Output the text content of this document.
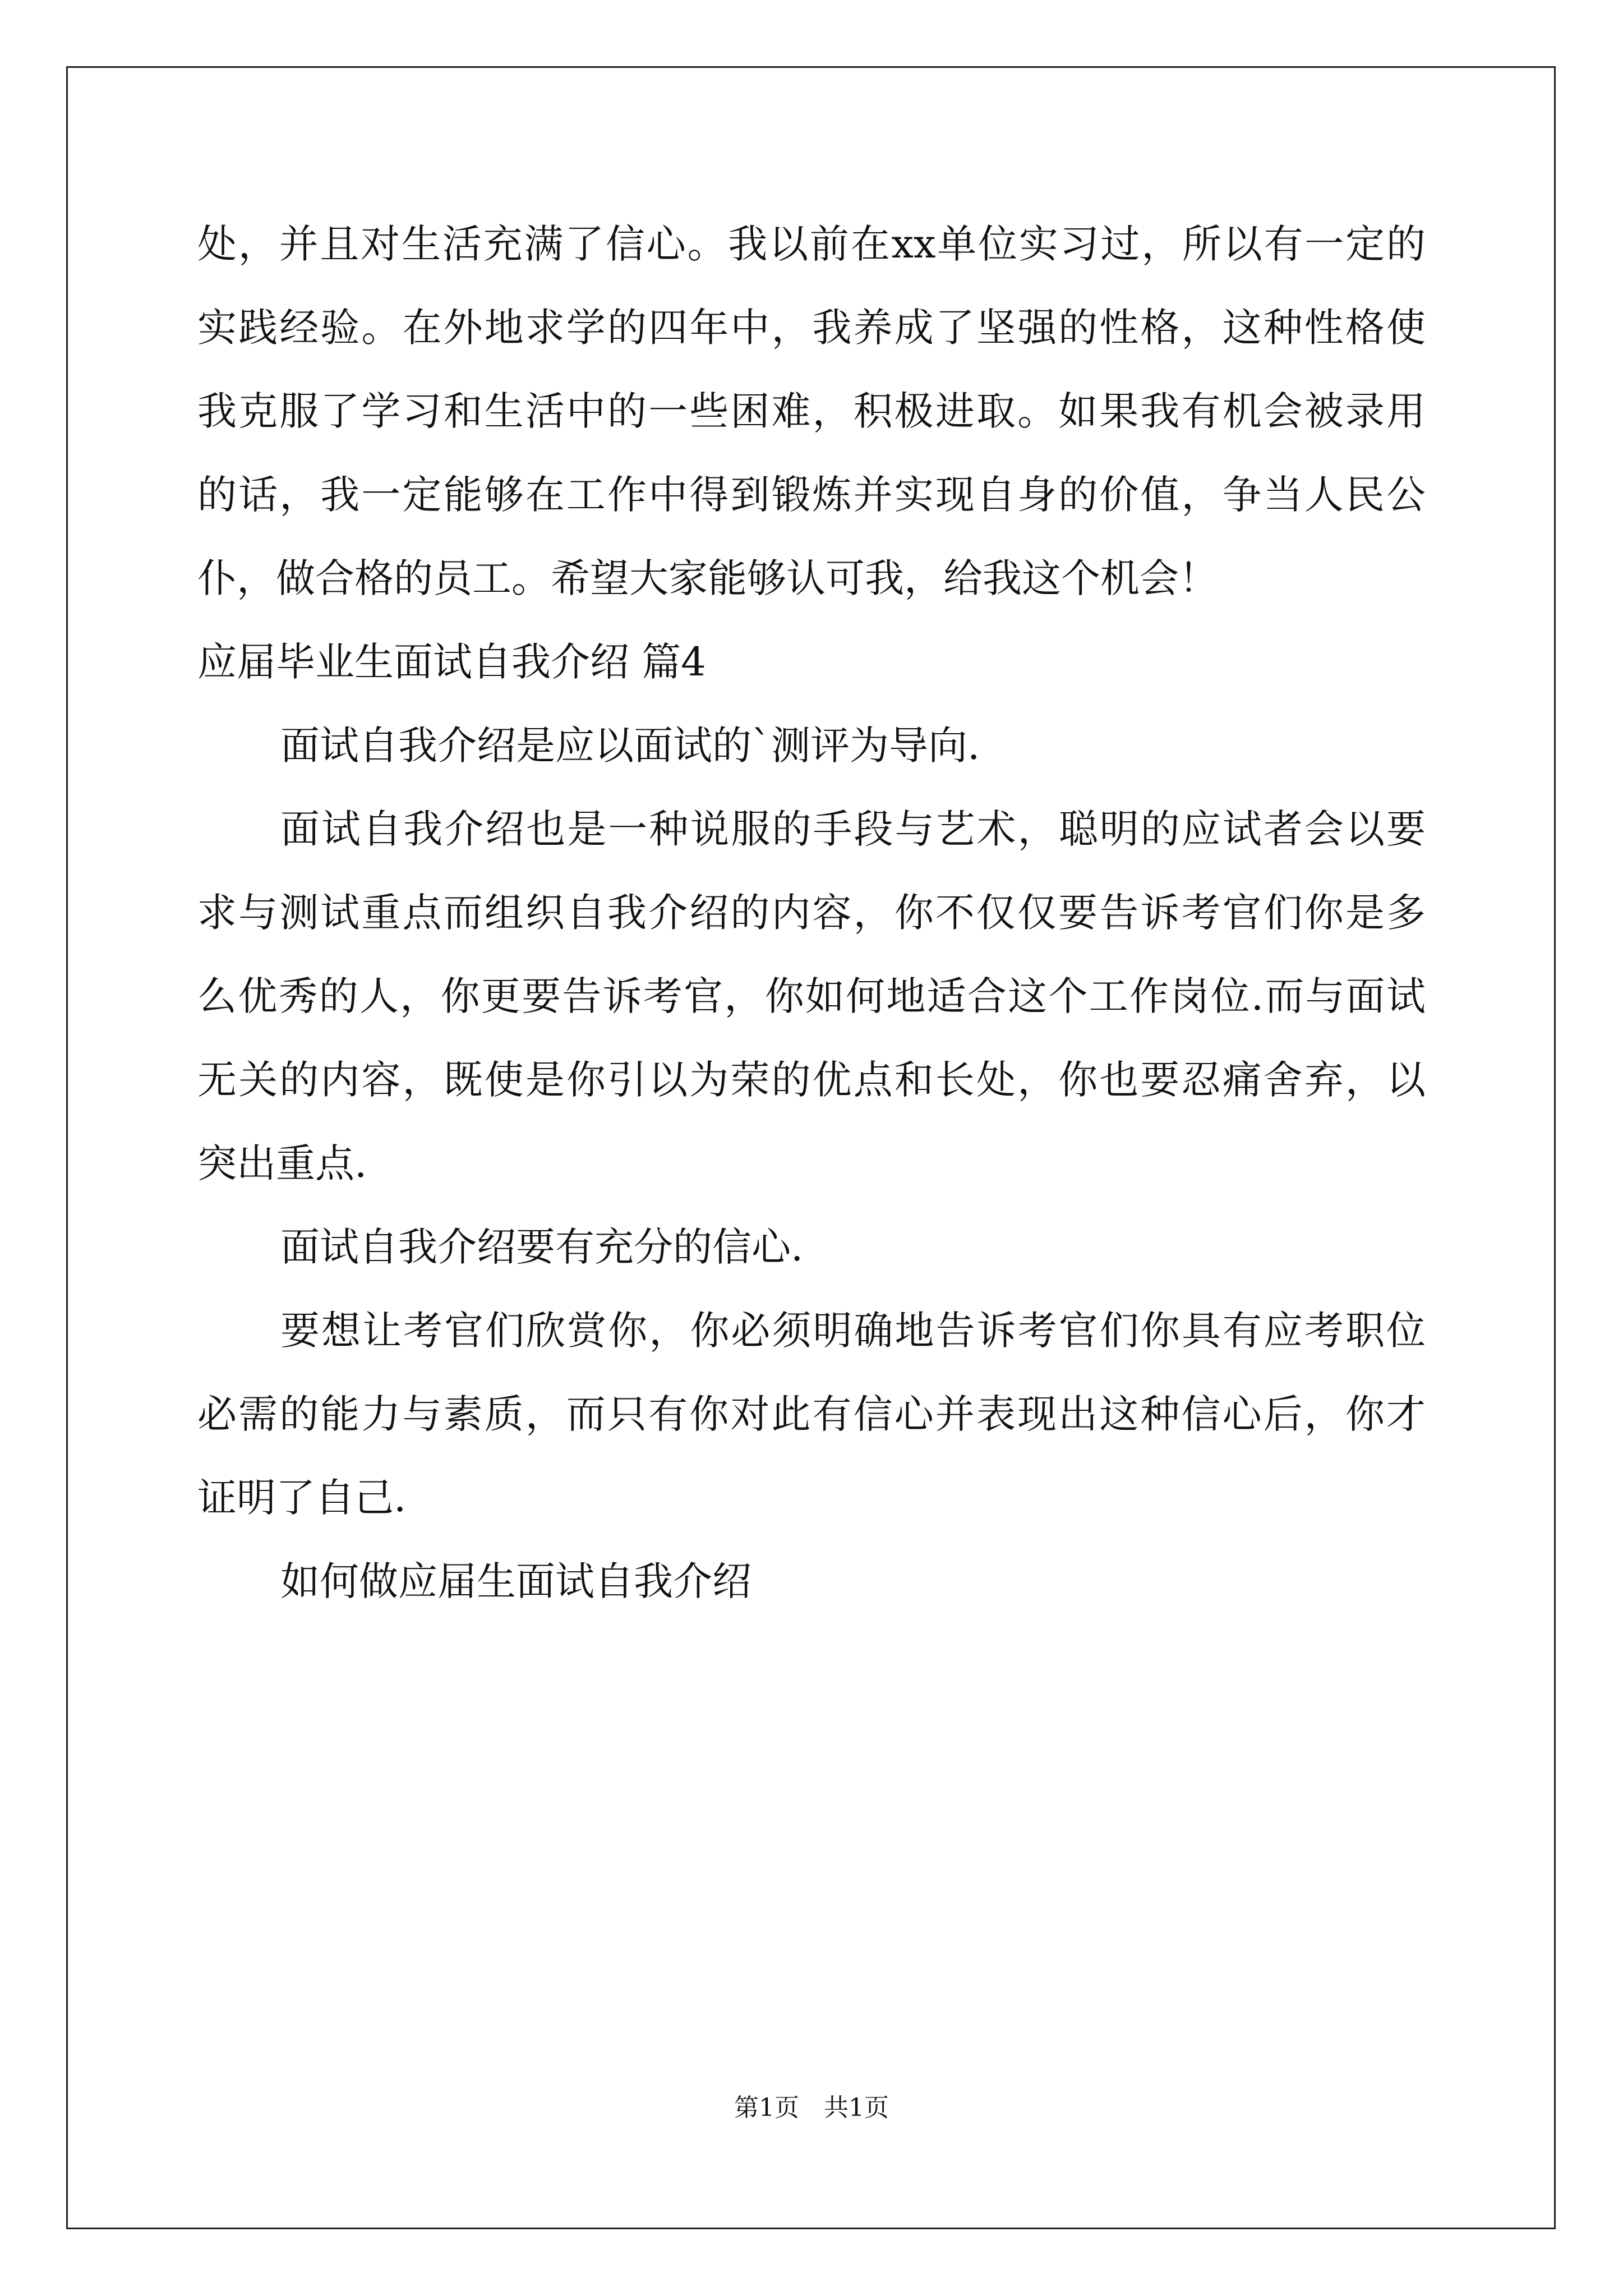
处，并且对生活充满了信心。我以前在xx单位实习过，所以有一定的
实践经验。在外地求学的四年中，我养成了坚强的性格，这种性格使
我克服了学习和生活中的一些困难，积极进取。如果我有机会被录用
的话，我一定能够在工作中得到锻炼并实现自身的价值，争当人民公
仆，做合格的员工。希望大家能够认可我，给我这个机会！
应届毕业生面试自我介绍 篇4
面试自我介绍是应以面试的`测评为导向.
面试自我介绍也是一种说服的手段与艺术，聪明的应试者会以要
求与测试重点而组织自我介绍的内容，你不仅仅要告诉考官们你是多
么优秀的人，你更要告诉考官，你如何地适合这个工作岗位.而与面试
无关的内容，既使是你引以为荣的优点和长处，你也要忍痛舍弃，以
突出重点.
面试自我介绍要有充分的信心.
要想让考官们欣赏你，你必须明确地告诉考官们你具有应考职位
必需的能力与素质，而只有你对此有信心并表现出这种信心后，你才
证明了自己.
如何做应届生面试自我介绍
第1页 共1页
